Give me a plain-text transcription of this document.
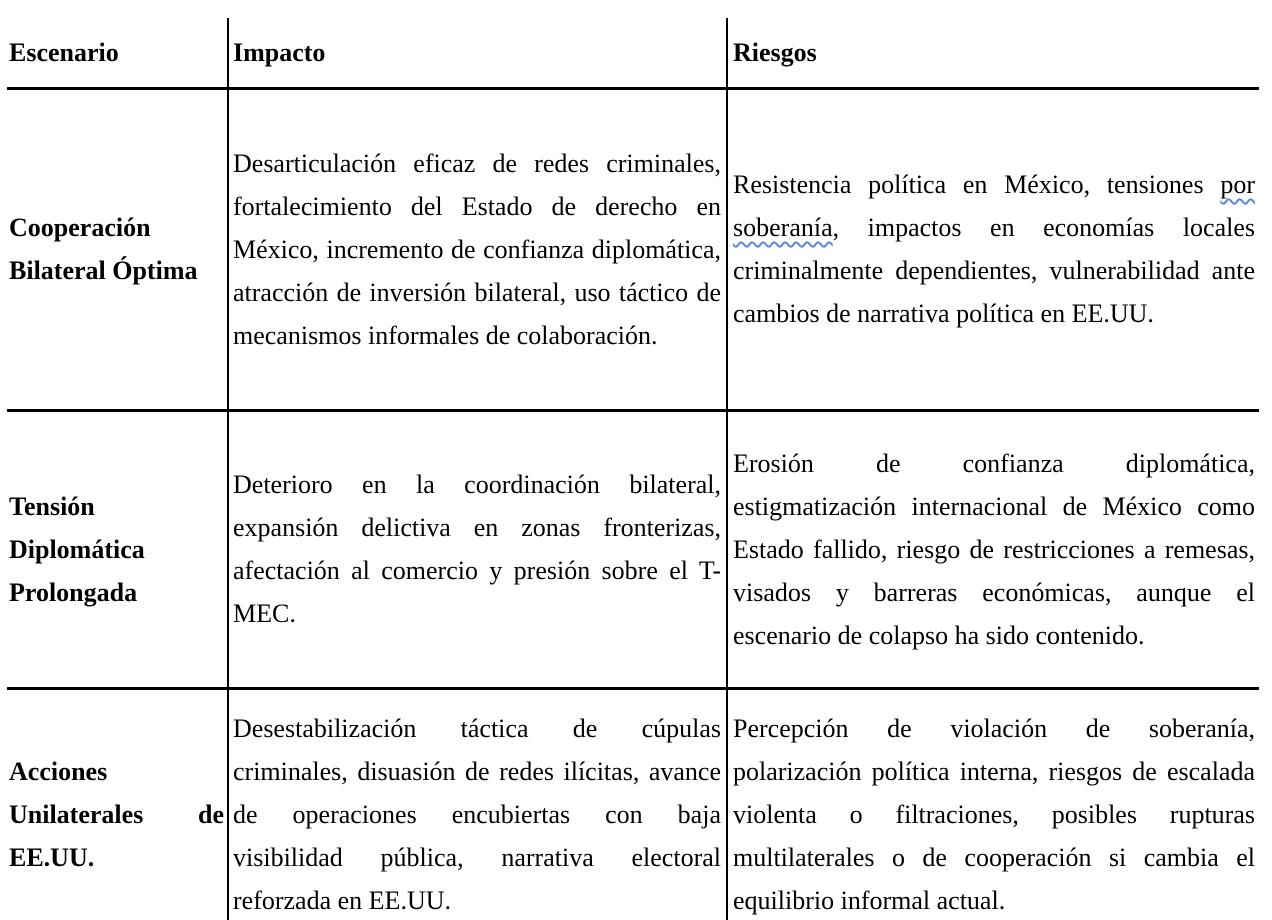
Escenario	Impacto	Riesgos
Cooperación Bilateral Óptima	Desarticulación eficaz de redes criminales, fortalecimiento del Estado de derecho en México, incremento de confianza diplomática, atracción de inversión bilateral, uso táctico de mecanismos informales de colaboración.	Resistencia política en México, tensiones por soberanía, impactos en economías locales criminalmente dependientes, vulnerabilidad ante cambios de narrativa política en EE.UU.
Tensión Diplomática Prolongada	Deterioro en la coordinación bilateral, expansión delictiva en zonas fronterizas, afectación al comercio y presión sobre el T-MEC.	Erosión de confianza diplomática, estigmatización internacional de México como Estado fallido, riesgo de restricciones a remesas, visados y barreras económicas, aunque el escenario de colapso ha sido contenido.
Acciones Unilaterales de EE.UU.	Desestabilización táctica de cúpulas criminales, disuasión de redes ilícitas, avance de operaciones encubiertas con baja visibilidad pública, narrativa electoral reforzada en EE.UU.	Percepción de violación de soberanía, polarización política interna, riesgos de escalada violenta o filtraciones, posibles rupturas multilaterales o de cooperación si cambia el equilibrio informal actual.
